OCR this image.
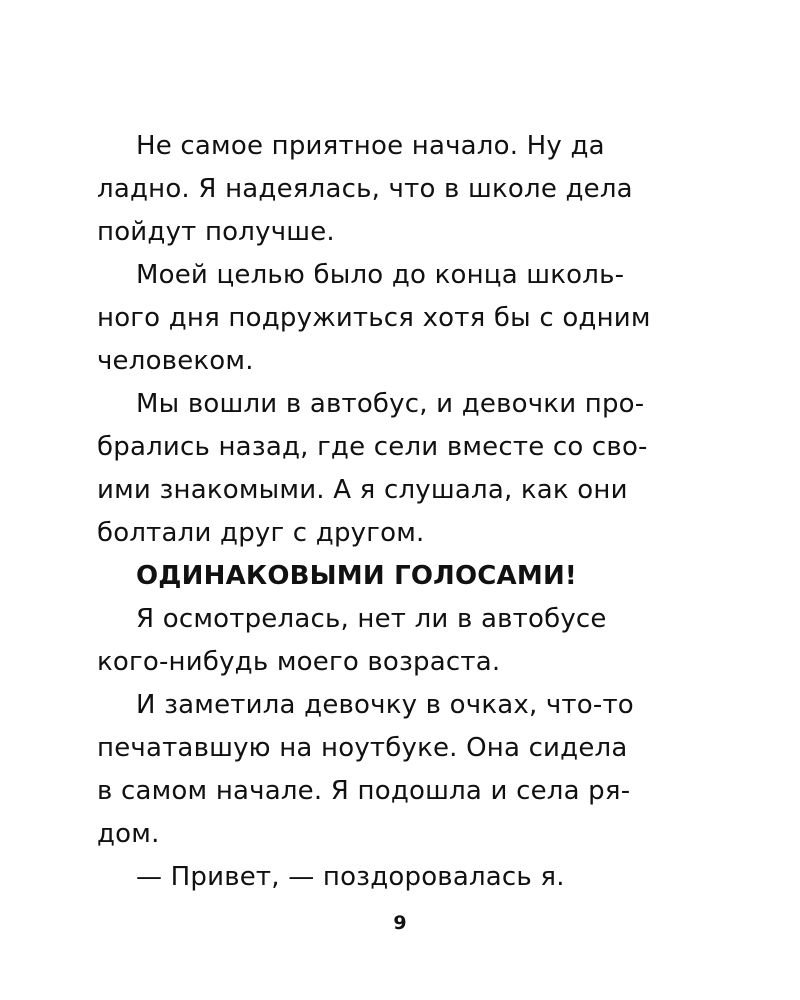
Не самое приятное начало. Ну да
ладно. Я надеялась, что в школе дела
пойдут получше.
Моей целью было до конца школь-
ного дня подружиться хотя бы с одним
человеком.
Мы вошли в автобус, и девочки про-
брались назад, где сели вместе со сво-
ими знакомыми. А я слушала, как они
болтали друг с другом.
ОДИНАКОВЫМИ ГОЛОСАМИ!
Я осмотрелась, нет ли в автобусе
кого-нибудь моего возраста.
И заметила девочку в очках, что-то
печатавшую на ноутбуке. Она сидела
в самом начале. Я подошла и села ря-
дом.
— Привет, — поздоровалась я.
9
